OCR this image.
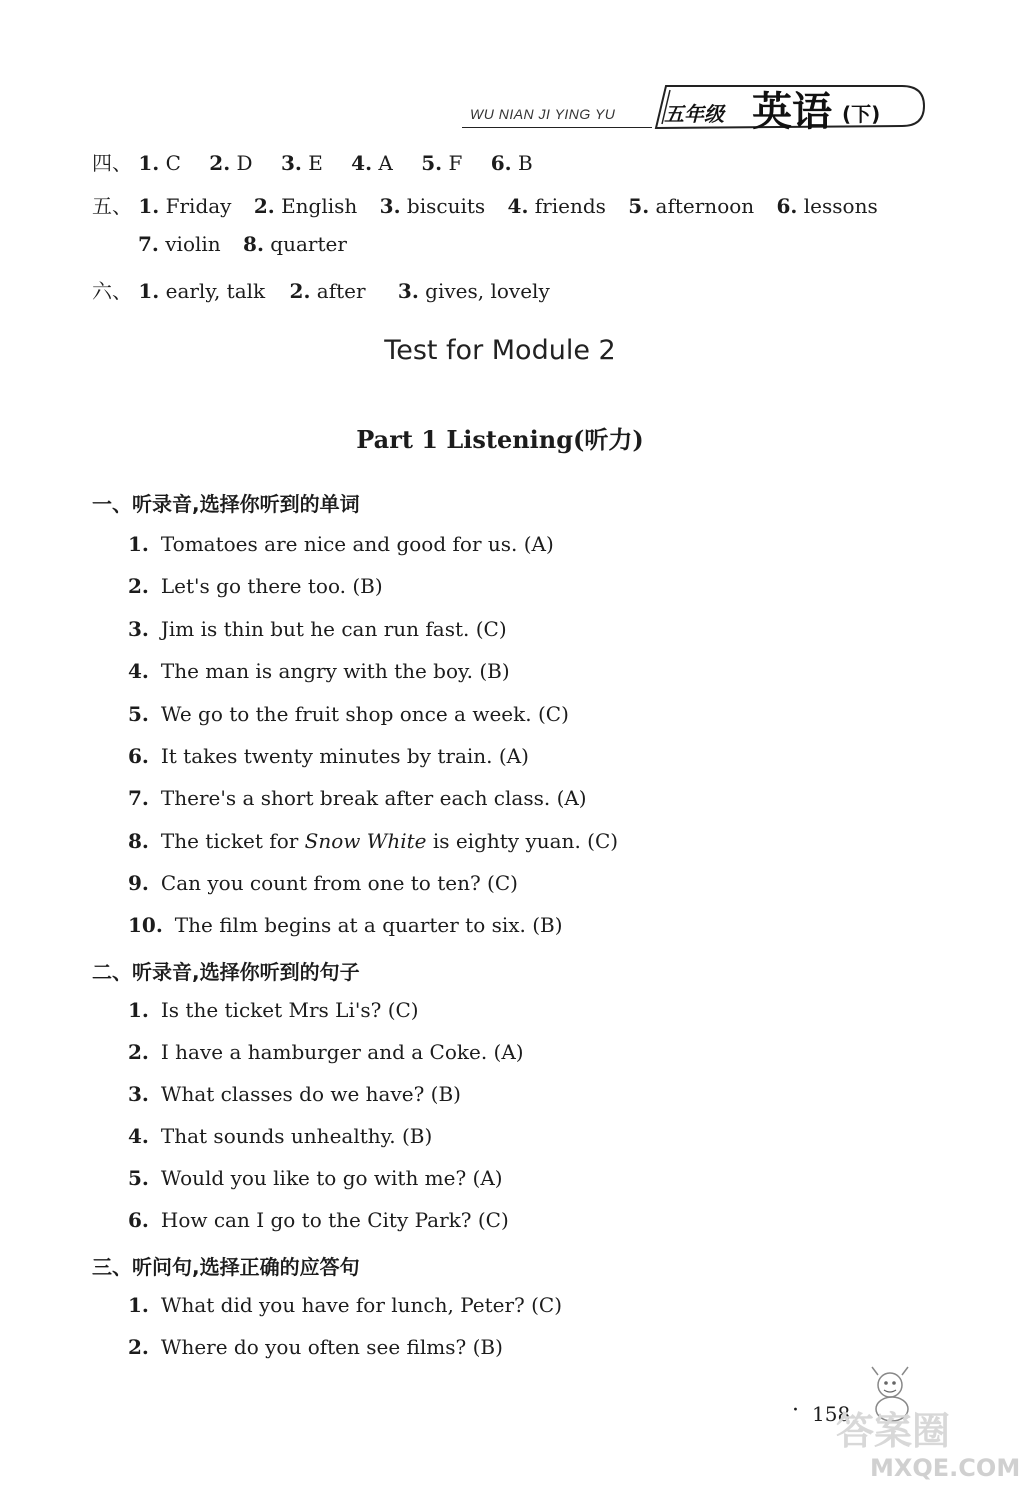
WU NIAN JI YING YU 五年级 英语 (下)
四、 1. C 2. D 3. E 4. A 5. F 6. B
五、 1. Friday 2. English 3. biscuits 4. friends 5. afternoon 6. lessons
7. violin 8. quarter
六、 1. early, talk 2. after 3. gives, lovely
Test for Module 2
Part 1 Listening(听力)
一、听录音,选择你听到的单词
1. Tomatoes are nice and good for us. (A)
2. Let's go there too. (B)
3. Jim is thin but he can run fast. (C)
4. The man is angry with the boy. (B)
5. We go to the fruit shop once a week. (C)
6. It takes twenty minutes by train. (A)
7. There's a short break after each class. (A)
8. The ticket for Snow White is eighty yuan. (C)
9. Can you count from one to ten? (C)
10. The film begins at a quarter to six. (B)
二、听录音,选择你听到的句子
1. Is the ticket Mrs Li's? (C)
2. I have a hamburger and a Coke. (A)
3. What classes do we have? (B)
4. That sounds unhealthy. (B)
5. Would you like to go with me? (A)
6. How can I go to the City Park? (C)
三、听问句,选择正确的应答句
1. What did you have for lunch, Peter? (C)
2. Where do you often see films? (B)
· 158
答案圈
MXQE.COM
